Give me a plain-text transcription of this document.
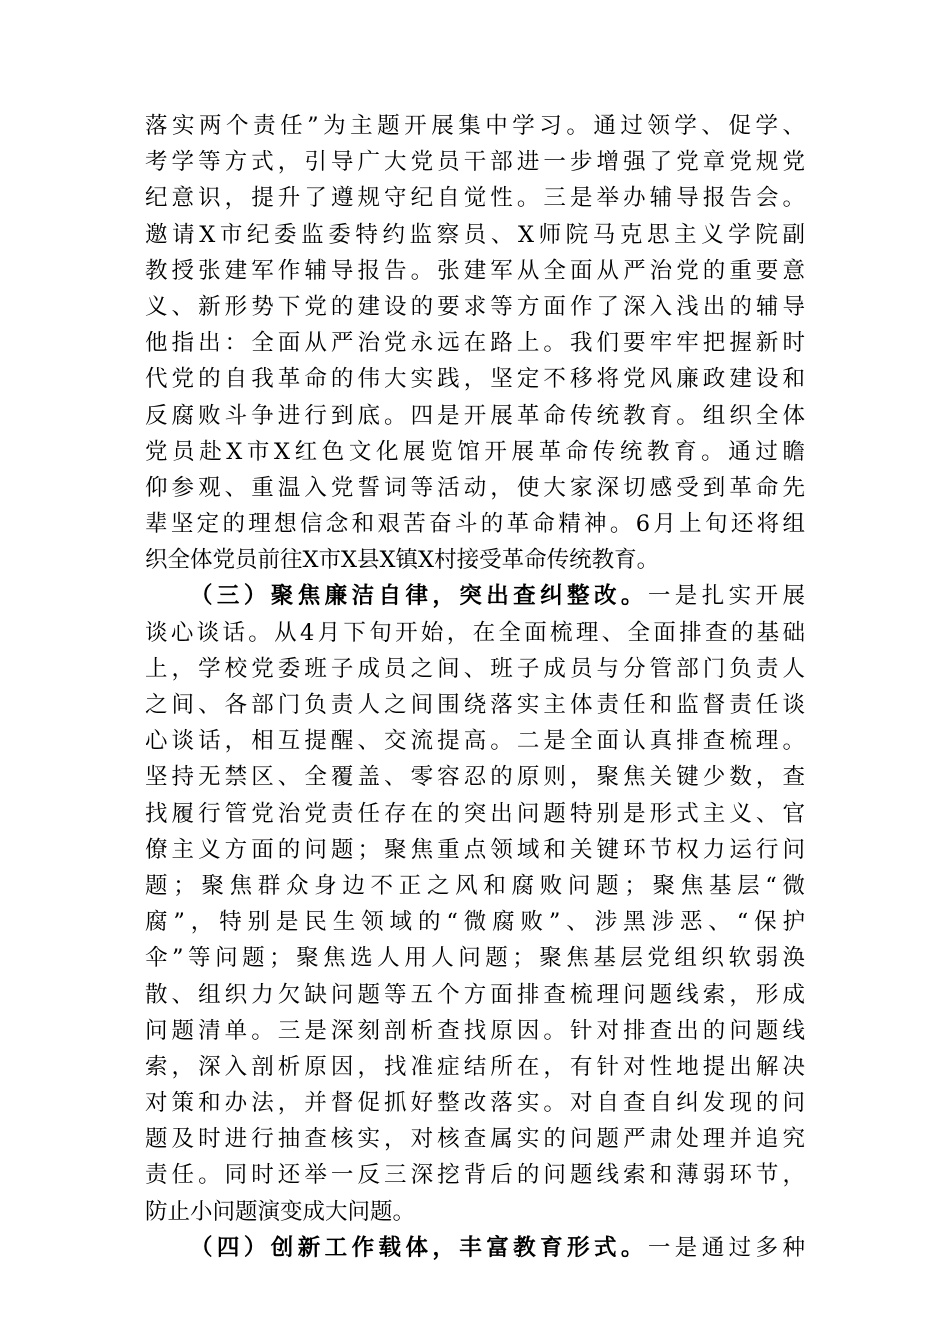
落实两个责任”为主题开展集中学习。通过领学、促学、
考学等方式，引导广大党员干部进一步增强了党章党规党
纪意识，提升了遵规守纪自觉性。三是举办辅导报告会。
邀请X市纪委监委特约监察员、X师院马克思主义学院副
教授张建军作辅导报告。张建军从全面从严治党的重要意
义、新形势下党的建设的要求等方面作了深入浅出的辅导
他指出：全面从严治党永远在路上。我们要牢牢把握新时
代党的自我革命的伟大实践，坚定不移将党风廉政建设和
反腐败斗争进行到底。四是开展革命传统教育。组织全体
党员赴X市X红色文化展览馆开展革命传统教育。通过瞻
仰参观、重温入党誓词等活动，使大家深切感受到革命先
辈坚定的理想信念和艰苦奋斗的革命精神。6月上旬还将组
织全体党员前往X市X县X镇X村接受革命传统教育。
（三）聚焦廉洁自律，突出查纠整改。一是扎实开展
谈心谈话。从4月下旬开始，在全面梳理、全面排查的基础
上，学校党委班子成员之间、班子成员与分管部门负责人
之间、各部门负责人之间围绕落实主体责任和监督责任谈
心谈话，相互提醒、交流提高。二是全面认真排查梳理。
坚持无禁区、全覆盖、零容忍的原则，聚焦关键少数，查
找履行管党治党责任存在的突出问题特别是形式主义、官
僚主义方面的问题；聚焦重点领域和关键环节权力运行问
题；聚焦群众身边不正之风和腐败问题；聚焦基层“微
腐”，特别是民生领域的“微腐败”、涉黑涉恶、“保护
伞”等问题；聚焦选人用人问题；聚焦基层党组织软弱涣
散、组织力欠缺问题等五个方面排查梳理问题线索，形成
问题清单。三是深刻剖析查找原因。针对排查出的问题线
索，深入剖析原因，找准症结所在，有针对性地提出解决
对策和办法，并督促抓好整改落实。对自查自纠发现的问
题及时进行抽查核实，对核查属实的问题严肃处理并追究
责任。同时还举一反三深挖背后的问题线索和薄弱环节，
防止小问题演变成大问题。
（四）创新工作载体，丰富教育形式。一是通过多种
